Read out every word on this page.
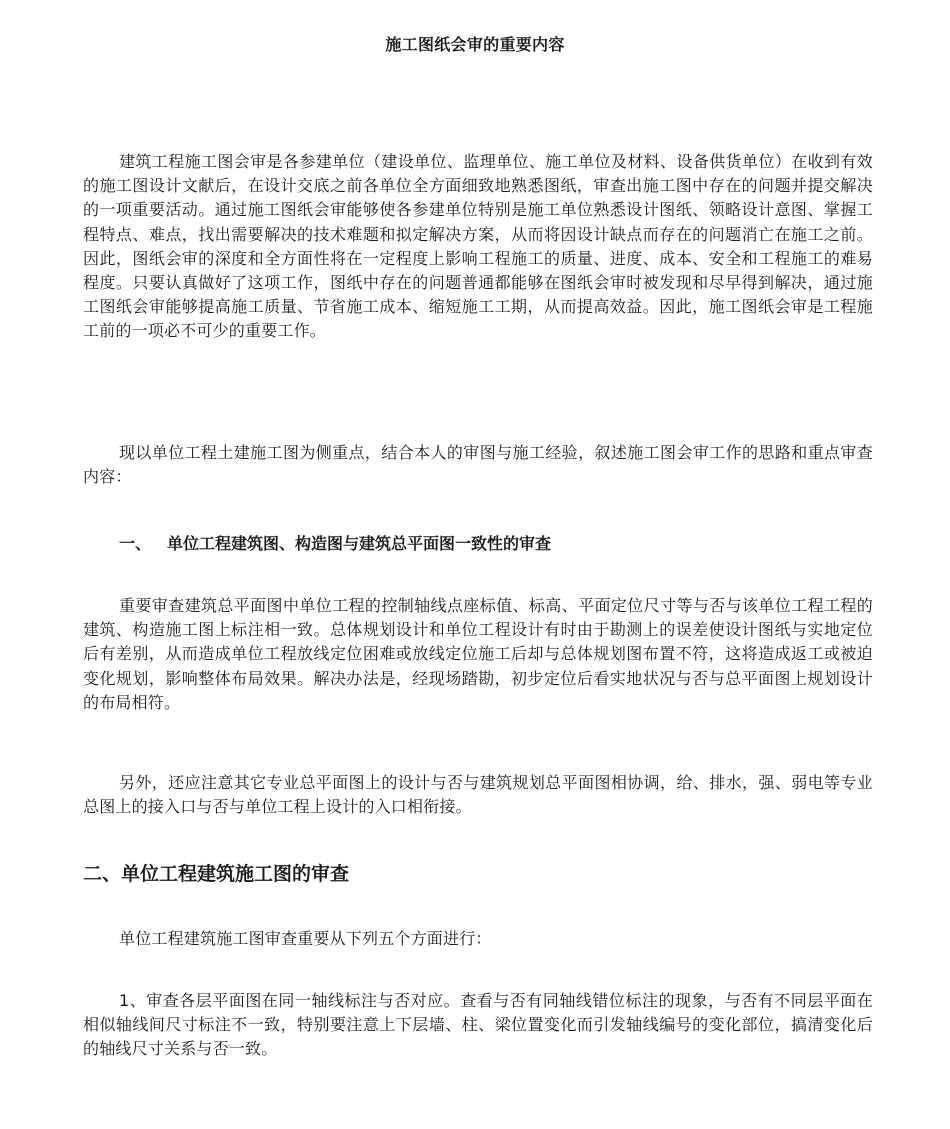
施工图纸会审的重要内容
建筑工程施工图会审是各参建单位（建设单位、监理单位、施工单位及材料、设备供货单位）在收到有效的施工图设计文献后，在设计交底之前各单位全方面细致地熟悉图纸，审查出施工图中存在的问题并提交解决的一项重要活动。通过施工图纸会审能够使各参建单位特别是施工单位熟悉设计图纸、领略设计意图、掌握工程特点、难点，找出需要解决的技术难题和拟定解决方案，从而将因设计缺点而存在的问题消亡在施工之前。因此，图纸会审的深度和全方面性将在一定程度上影响工程施工的质量、进度、成本、安全和工程施工的难易程度。只要认真做好了这项工作，图纸中存在的问题普通都能够在图纸会审时被发现和尽早得到解决，通过施工图纸会审能够提高施工质量、节省施工成本、缩短施工工期，从而提高效益。因此，施工图纸会审是工程施工前的一项必不可少的重要工作。
现以单位工程土建施工图为侧重点，结合本人的审图与施工经验，叙述施工图会审工作的思路和重点审查内容：
一、 单位工程建筑图、构造图与建筑总平面图一致性的审查
重要审查建筑总平面图中单位工程的控制轴线点座标值、标高、平面定位尺寸等与否与该单位工程工程的建筑、构造施工图上标注相一致。总体规划设计和单位工程设计有时由于勘测上的误差使设计图纸与实地定位后有差别，从而造成单位工程放线定位困难或放线定位施工后却与总体规划图布置不符，这将造成返工或被迫变化规划，影响整体布局效果。解决办法是，经现场踏勘，初步定位后看实地状况与否与总平面图上规划设计的布局相符。
另外，还应注意其它专业总平面图上的设计与否与建筑规划总平面图相协调，给、排水，强、弱电等专业总图上的接入口与否与单位工程上设计的入口相衔接。
二、单位工程建筑施工图的审查
单位工程建筑施工图审查重要从下列五个方面进行：
1、审查各层平面图在同一轴线标注与否对应。查看与否有同轴线错位标注的现象，与否有不同层平面在相似轴线间尺寸标注不一致，特别要注意上下层墙、柱、梁位置变化而引发轴线编号的变化部位，搞清变化后的轴线尺寸关系与否一致。
